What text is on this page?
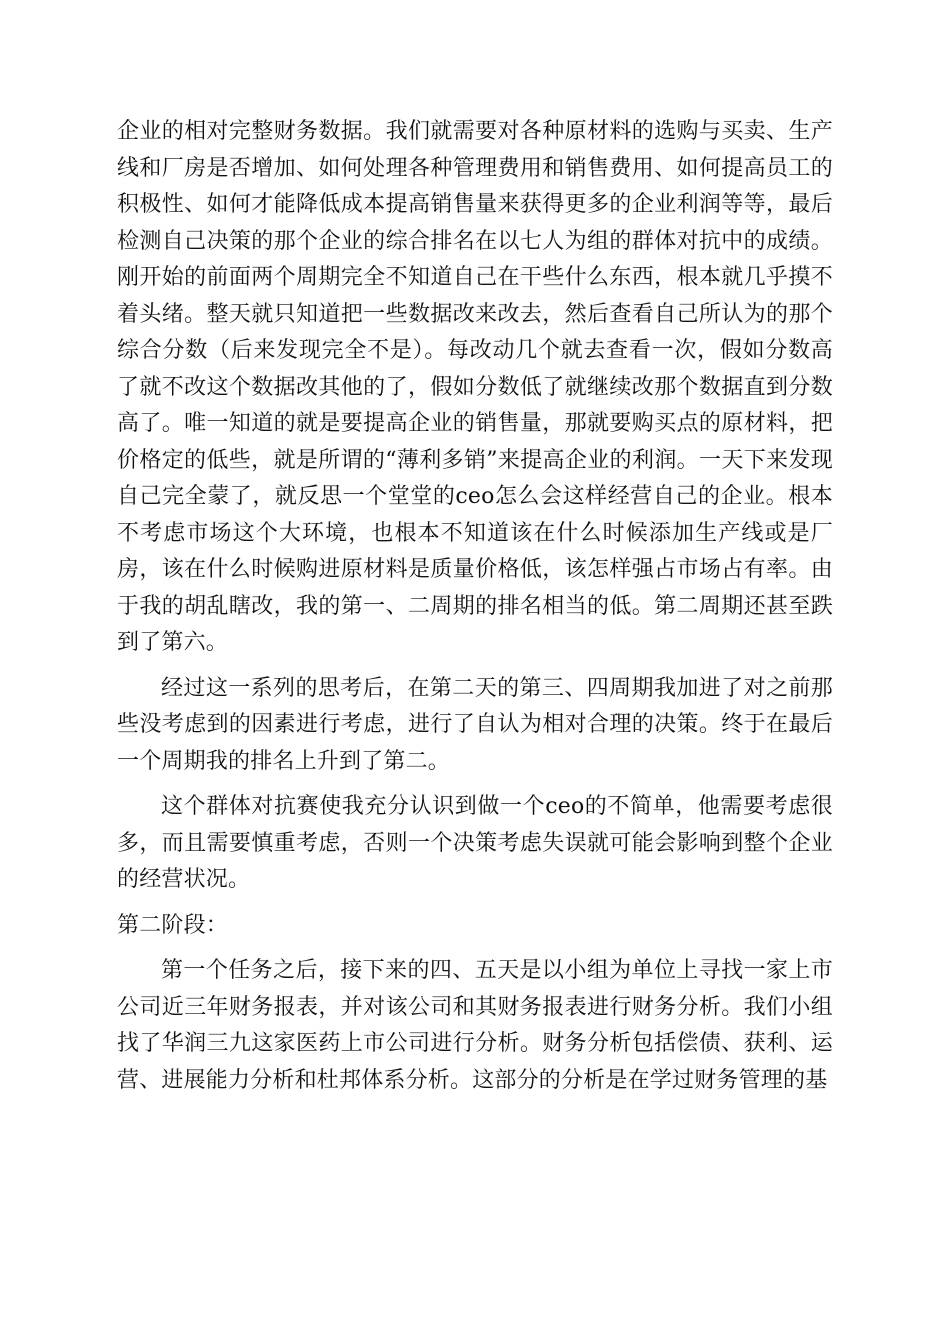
企业的相对完整财务数据。我们就需要对各种原材料的选购与买卖、生产线和厂房是否增加、如何处理各种管理费用和销售费用、如何提高员工的积极性、如何才能降低成本提高销售量来获得更多的企业利润等等，最后检测自己决策的那个企业的综合排名在以七人为组的群体对抗中的成绩。刚开始的前面两个周期完全不知道自己在干些什么东西，根本就几乎摸不着头绪。整天就只知道把一些数据改来改去，然后查看自己所认为的那个综合分数（后来发现完全不是）。每改动几个就去查看一次，假如分数高了就不改这个数据改其他的了，假如分数低了就继续改那个数据直到分数高了。唯一知道的就是要提高企业的销售量，那就要购买点的原材料，把价格定的低些，就是所谓的“薄利多销”来提高企业的利润。一天下来发现自己完全蒙了，就反思一个堂堂的ceo怎么会这样经营自己的企业。根本不考虑市场这个大环境，也根本不知道该在什么时候添加生产线或是厂房，该在什么时候购进原材料是质量价格低，该怎样强占市场占有率。由于我的胡乱瞎改，我的第一、二周期的排名相当的低。第二周期还甚至跌到了第六。

经过这一系列的思考后，在第二天的第三、四周期我加进了对之前那些没考虑到的因素进行考虑，进行了自认为相对合理的决策。终于在最后一个周期我的排名上升到了第二。

这个群体对抗赛使我充分认识到做一个ceo的不简单，他需要考虑很多，而且需要慎重考虑，否则一个决策考虑失误就可能会影响到整个企业的经营状况。

第二阶段：

第一个任务之后，接下来的四、五天是以小组为单位上寻找一家上市公司近三年财务报表，并对该公司和其财务报表进行财务分析。我们小组找了华润三九这家医药上市公司进行分析。财务分析包括偿债、获利、运营、进展能力分析和杜邦体系分析。这部分的分析是在学过财务管理的基
